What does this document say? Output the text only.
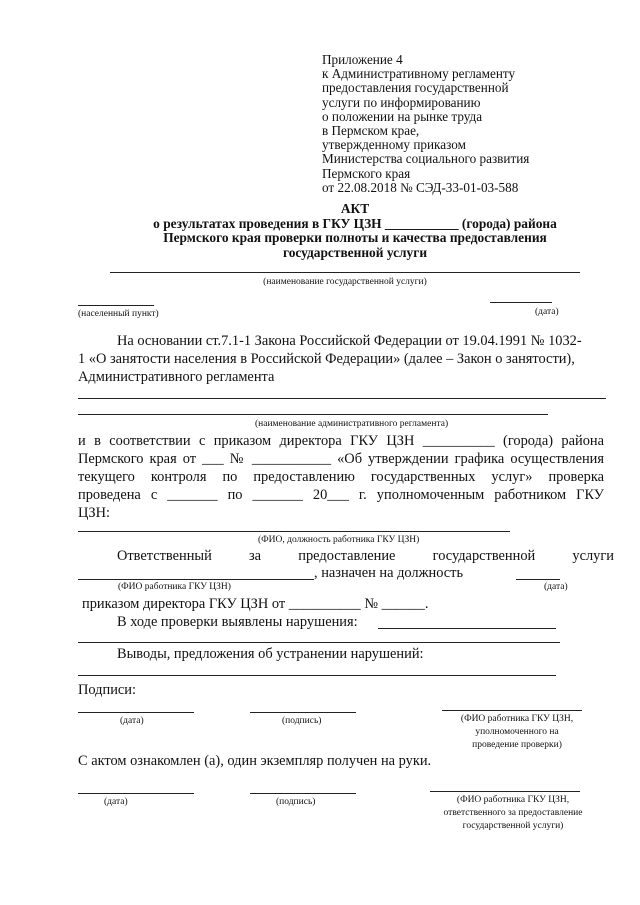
Приложение 4
к Административному регламенту
предоставления государственной
услуги по информированию
о положении на рынке труда
в Пермском крае,
утвержденному приказом
Министерства социального развития
Пермского края
от 22.08.2018 № СЭД-33-01-03-588
АКТ
о результатах проведения в ГКУ ЦЗН ___________ (города) района
Пермского края проверки полноты и качества предоставления
государственной услуги
(наименование государственной услуги)
(населенный пункт)	(дата)
На основании ст.7.1-1 Закона Российской Федерации от 19.04.1991 № 1032-
1 «О занятости населения в Российской Федерации» (далее – Закон о занятости),
Административного регламента
(наименование административного регламента)
и в соответствии с приказом директора ГКУ ЦЗН __________ (города) района
Пермского края от ___ № ___________ «Об утверждении графика осуществления
текущего контроля по предоставлению государственных услуг» проверка
проведена с _______ по _______ 20___ г. уполномоченным работником ГКУ
ЦЗН:
(ФИО, должность работника ГКУ ЦЗН)
Ответственный за предоставление государственной услуги
, назначен на должность
(ФИО работника ГКУ ЦЗН)	(дата)
приказом директора ГКУ ЦЗН от __________ № ______.
В ходе проверки выявлены нарушения:
Выводы, предложения об устранении нарушений:
Подписи:
(дата)	(подпись)	(ФИО работника ГКУ ЦЗН,
уполномоченного на
проведение проверки)
С актом ознакомлен (а), один экземпляр получен на руки.
(дата)	(подпись)	(ФИО работника ГКУ ЦЗН,
ответственного за предоставление
государственной услуги)
